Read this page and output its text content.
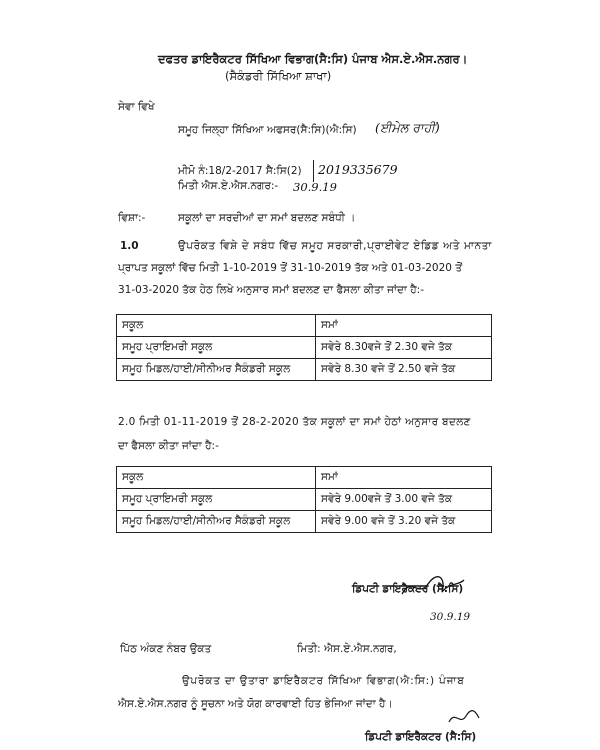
ਦਫਤਰ ਡਾਇਰੈਕਟਰ ਸਿੱਖਿਆ ਵਿਭਾਗ(ਸੈ:ਸਿ) ਪੰਜਾਬ ਐਸ.ਏ.ਐਸ.ਨਗਰ।
(ਸੈਕੰਡਰੀ ਸਿੱਖਿਆ ਸ਼ਾਖਾ)
ਸੇਵਾ ਵਿਖੇ
ਸਮੂਹ ਜਿਲ੍ਹਾ ਸਿੱਖਿਆ ਅਫਸਰ(ਸੈ:ਸਿ)(ਐ:ਸਿ) (ਈਮੇਲ ਰਾਹੀਂ)
ਮੀਮੋ ਨੰ:18/2-2017 ਸੈ:ਸਿ(2) 2019335679
ਮਿਤੀ ਐਸ.ਏ.ਐਸ.ਨਗਰ:- 30.9.19
ਵਿਸ਼ਾ:-	ਸਕੂਲਾਂ ਦਾ ਸਰਦੀਆਂ ਦਾ ਸਮਾਂ ਬਦਲਣ ਸਬੰਧੀ ।
1.0	ਉਪਰੋਕਤ ਵਿਸ਼ੇ ਦੇ ਸਬੰਧ ਵਿੱਚ ਸਮੂਹ ਸਰਕਾਰੀ,ਪ੍ਰਾਈਵੇਟ ਏਡਿਡ ਅਤੇ ਮਾਨਤਾ
ਪ੍ਰਾਪਤ ਸਕੂਲਾਂ ਵਿੱਚ ਮਿਤੀ 1-10-2019 ਤੋਂ 31-10-2019 ਤੱਕ ਅਤੇ 01-03-2020 ਤੋਂ
31-03-2020 ਤੱਕ ਹੇਠ ਲਿਖੇ ਅਨੁਸਾਰ ਸਮਾਂ ਬਦਲਣ ਦਾ ਫੈਸਲਾ ਕੀਤਾ ਜਾਂਦਾ ਹੈ:-
ਸਕੂਲ	ਸਮਾਂ
ਸਮੂਹ ਪ੍ਰਾਇਮਰੀ ਸਕੂਲ	ਸਵੇਰੇ 8.30ਵਜੇ ਤੋਂ 2.30 ਵਜੇ ਤੱਕ
ਸਮੂਹ ਮਿਡਲ/ਹਾਈ/ਸੀਨੀਅਰ ਸੈਕੰਡਰੀ ਸਕੂਲ	ਸਵੇਰੇ 8.30 ਵਜੇ ਤੋਂ 2.50 ਵਜੇ ਤੱਕ
2.0 ਮਿਤੀ 01-11-2019 ਤੋਂ 28-2-2020 ਤੱਕ ਸਕੂਲਾਂ ਦਾ ਸਮਾਂ ਹੇਠਾਂ ਅਨੁਸਾਰ ਬਦਲਣ
ਦਾ ਫੈਸਲਾ ਕੀਤਾ ਜਾਂਦਾ ਹੈ:-
ਸਕੂਲ	ਸਮਾਂ
ਸਮੂਹ ਪ੍ਰਾਇਮਰੀ ਸਕੂਲ	ਸਵੇਰੇ 9.00ਵਜੇ ਤੋਂ 3.00 ਵਜੇ ਤੱਕ
ਸਮੂਹ ਮਿਡਲ/ਹਾਈ/ਸੀਨੀਅਰ ਸੈਕੰਡਰੀ ਸਕੂਲ	ਸਵੇਰੇ 9.00 ਵਜੇ ਤੋਂ 3.20 ਵਜੇ ਤੱਕ
ਡਿਪਟੀ ਡਾਇਰੈਕਟਰ (ਸੈ:ਸਿ)
30.9.19
ਪਿੱਠ ਅੰਕਣ ਨੰਬਰ ਉਕਤ	ਮਿਤੀ: ਐਸ.ਏ.ਐਸ.ਨਗਰ,
ਉਪਰੋਕਤ ਦਾ ਉਤਾਰਾ ਡਾਇਰੈਕਟਰ ਸਿੱਖਿਆ ਵਿਭਾਗ(ਐ:ਸਿ:) ਪੰਜਾਬ
ਐਸ.ਏ.ਐਸ.ਨਗਰ ਨੂੰ ਸੂਚਨਾ ਅਤੇ ਯੋਗ ਕਾਰਵਾਈ ਹਿਤ ਭੇਜਿਆ ਜਾਂਦਾ ਹੈ।
ਡਿਪਟੀ ਡਾਇਰੈਕਟਰ (ਸੈ:ਸਿ)
